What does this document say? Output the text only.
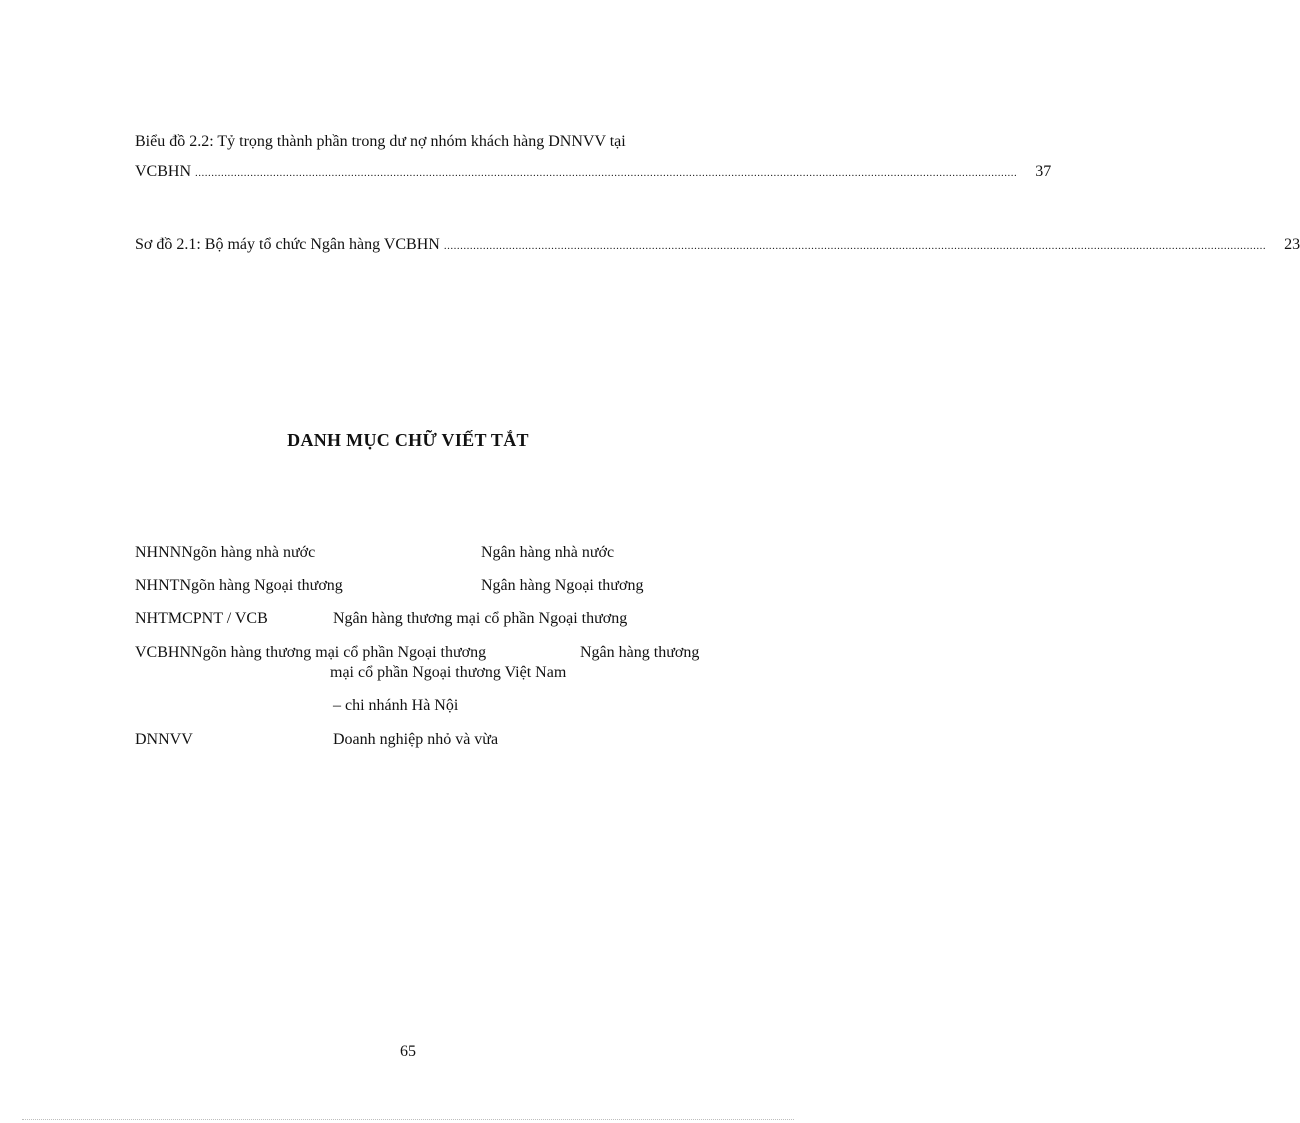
Biểu đồ 2.2: Tỷ trọng thành phần trong dư nợ nhóm khách hàng DNNVV tại
VCBHN .............................................................................................................................................................................................................................................................	37
Sơ đồ 2.1: Bộ máy tổ chức Ngân hàng VCBHN .............................................................................................................................................................................................................................................................	23
DANH MỤC CHỮ VIẾT TẮT
NHNNNgõn hàng nhà nước	Ngân hàng nhà nước
NHNTNgõn hàng Ngoại thương	Ngân hàng Ngoại thương
NHTMCPNT / VCB	Ngân hàng thương mại cổ phần Ngoại thương
VCBHNNgõn hàng thương mại cổ phần Ngoại thương	Ngân hàng thương
mại cổ phần Ngoại thương Việt Nam
– chi nhánh Hà Nội
DNNVV	Doanh nghiệp nhỏ và vừa
65
